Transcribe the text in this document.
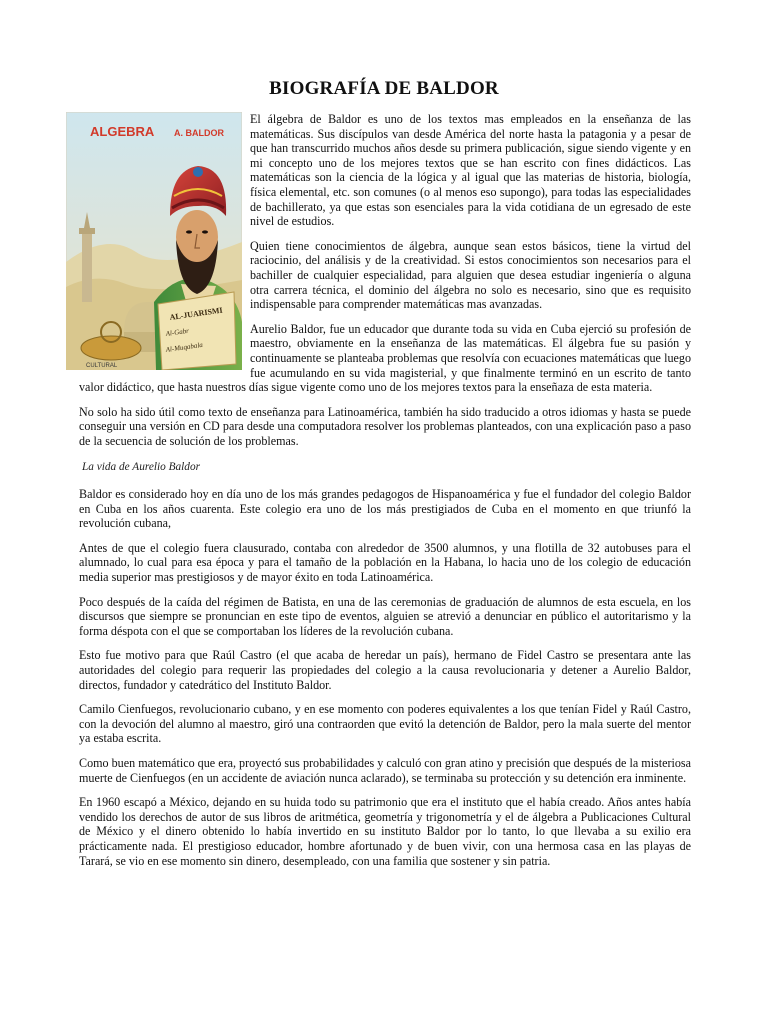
BIOGRAFÍA DE BALDOR
ALGEBRA A. BALDOR
AL-JUARISMI
Al-Gabr
Al-Muqabala
CULTURAL

El álgebra de Baldor es uno de los textos mas empleados en la enseñanza de las matemáticas. Sus discípulos van desde América del norte hasta la patagonia y a pesar de que han transcurrido muchos años desde su primera publicación, sigue siendo vigente y en mi concepto uno de los mejores textos que se han escrito con fines didácticos. Las matemáticas son la ciencia de la lógica y al igual que las materias de historia, biología, física elemental, etc. son comunes (o al menos eso supongo), para todas las especialidades de bachillerato, ya que estas son esenciales para la vida cotidiana de un egresado de este nivel de estudios.

Quien tiene conocimientos de álgebra, aunque sean estos básicos, tiene la virtud del raciocinio, del análisis y de la creatividad. Si estos conocimientos son necesarios para el bachiller de cualquier especialidad, para alguien que desea estudiar ingeniería o alguna otra carrera técnica, el dominio del álgebra no solo es necesario, sino que es requisito indispensable para comprender matemáticas mas avanzadas.

Aurelio Baldor, fue un educador que durante toda su vida en Cuba ejerció su profesión de maestro, obviamente en la enseñanza de las matemáticas. El álgebra fue su pasión y continuamente se planteaba problemas que resolvía con ecuaciones matemáticas que luego fue acumulando en su vida magisterial, y que finalmente terminó en un escrito de tanto valor didáctico, que hasta nuestros días sigue vigente como uno de los mejores textos para la enseñaza de esta materia.

No solo ha sido útil como texto de enseñanza para Latinoamérica, también ha sido traducido a otros idiomas y hasta se puede conseguir una versión en CD para desde una computadora resolver los problemas planteados, con una explicación paso a paso de la secuencia de solución de los problemas.

La vida de Aurelio Baldor

Baldor es considerado hoy en día uno de los más grandes pedagogos de Hispanoamérica y fue el fundador del colegio Baldor en Cuba en los años cuarenta. Este colegio era uno de los más prestigiados de Cuba en el momento en que triunfó la revolución cubana,

Antes de que el colegio fuera clausurado, contaba con alrededor de 3500 alumnos, y una flotilla de 32 autobuses para el alumnado, lo cual para esa época y para el tamaño de la población en la Habana, lo hacia uno de los colegio de educación media superior mas prestigiosos y de mayor éxito en toda Latinoamérica.

Poco después de la caída del régimen de Batista, en una de las ceremonias de graduación de alumnos de esta escuela, en los discursos que siempre se pronuncian en este tipo de eventos, alguien se atrevió a denunciar en público el autoritarismo y la forma déspota con el que se comportaban los líderes de la revolución cubana.

Esto fue motivo para que Raúl Castro (el que acaba de heredar un país), hermano de Fidel Castro se presentara ante las autoridades del colegio para requerir las propiedades del colegio a la causa revolucionaria y detener a Aurelio Baldor, directos, fundador y catedrático del Instituto Baldor.

Camilo Cienfuegos, revolucionario cubano, y en ese momento con poderes equivalentes a los que tenían Fidel y Raúl Castro, con la devoción del alumno al maestro, giró una contraorden que evitó la detención de Baldor, pero la mala suerte del mentor ya estaba escrita.

Como buen matemático que era, proyectó sus probabilidades y calculó con gran atino y precisión que después de la misteriosa muerte de Cienfuegos (en un accidente de aviación nunca aclarado), se terminaba su protección y su detención era inminente.

En 1960 escapó a México, dejando en su huida todo su patrimonio que era el instituto que el había creado. Años antes había vendido los derechos de autor de sus libros de aritmética, geometría y trigonometría y el de álgebra a Publicaciones Cultural de México y el dinero obtenido lo había invertido en su instituto Baldor por lo tanto, lo que llevaba a su exilio era prácticamente nada. El prestigioso educador, hombre afortunado y de buen vivir, con una hermosa casa en las playas de Tarará, se vio en ese momento sin dinero, desempleado, con una familia que sostener y sin patria.
